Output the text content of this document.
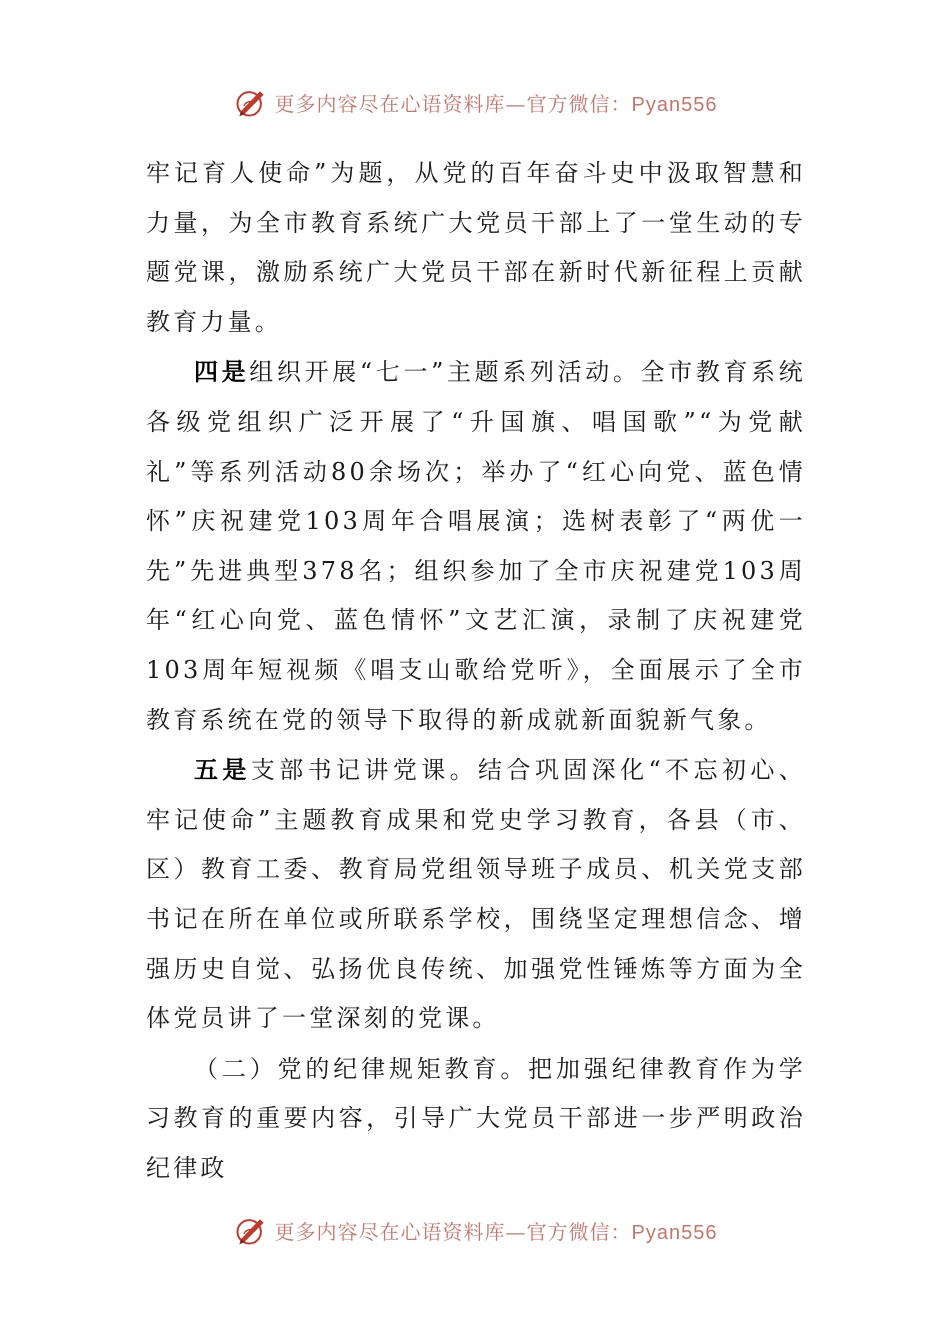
更多内容尽在心语资料库—官方微信：Pyan556

牢记育人使命”为题，从党的百年奋斗史中汲取智慧和力量，为全市教育系统广大党员干部上了一堂生动的专题党课，激励系统广大党员干部在新时代新征程上贡献教育力量。

四是组织开展“七一”主题系列活动。全市教育系统各级党组织广泛开展了“升国旗、唱国歌”“为党献礼”等系列活动80余场次；举办了“红心向党、蓝色情怀”庆祝建党103周年合唱展演；选树表彰了“两优一先”先进典型378名；组织参加了全市庆祝建党103周年“红心向党、蓝色情怀”文艺汇演，录制了庆祝建党103周年短视频《唱支山歌给党听》，全面展示了全市教育系统在党的领导下取得的新成就新面貌新气象。

五是支部书记讲党课。结合巩固深化“不忘初心、牢记使命”主题教育成果和党史学习教育，各县（市、区）教育工委、教育局党组领导班子成员、机关党支部书记在所在单位或所联系学校，围绕坚定理想信念、增强历史自觉、弘扬优良传统、加强党性锤炼等方面为全体党员讲了一堂深刻的党课。

（二）党的纪律规矩教育。把加强纪律教育作为学习教育的重要内容，引导广大党员干部进一步严明政治纪律政

更多内容尽在心语资料库—官方微信：Pyan556
